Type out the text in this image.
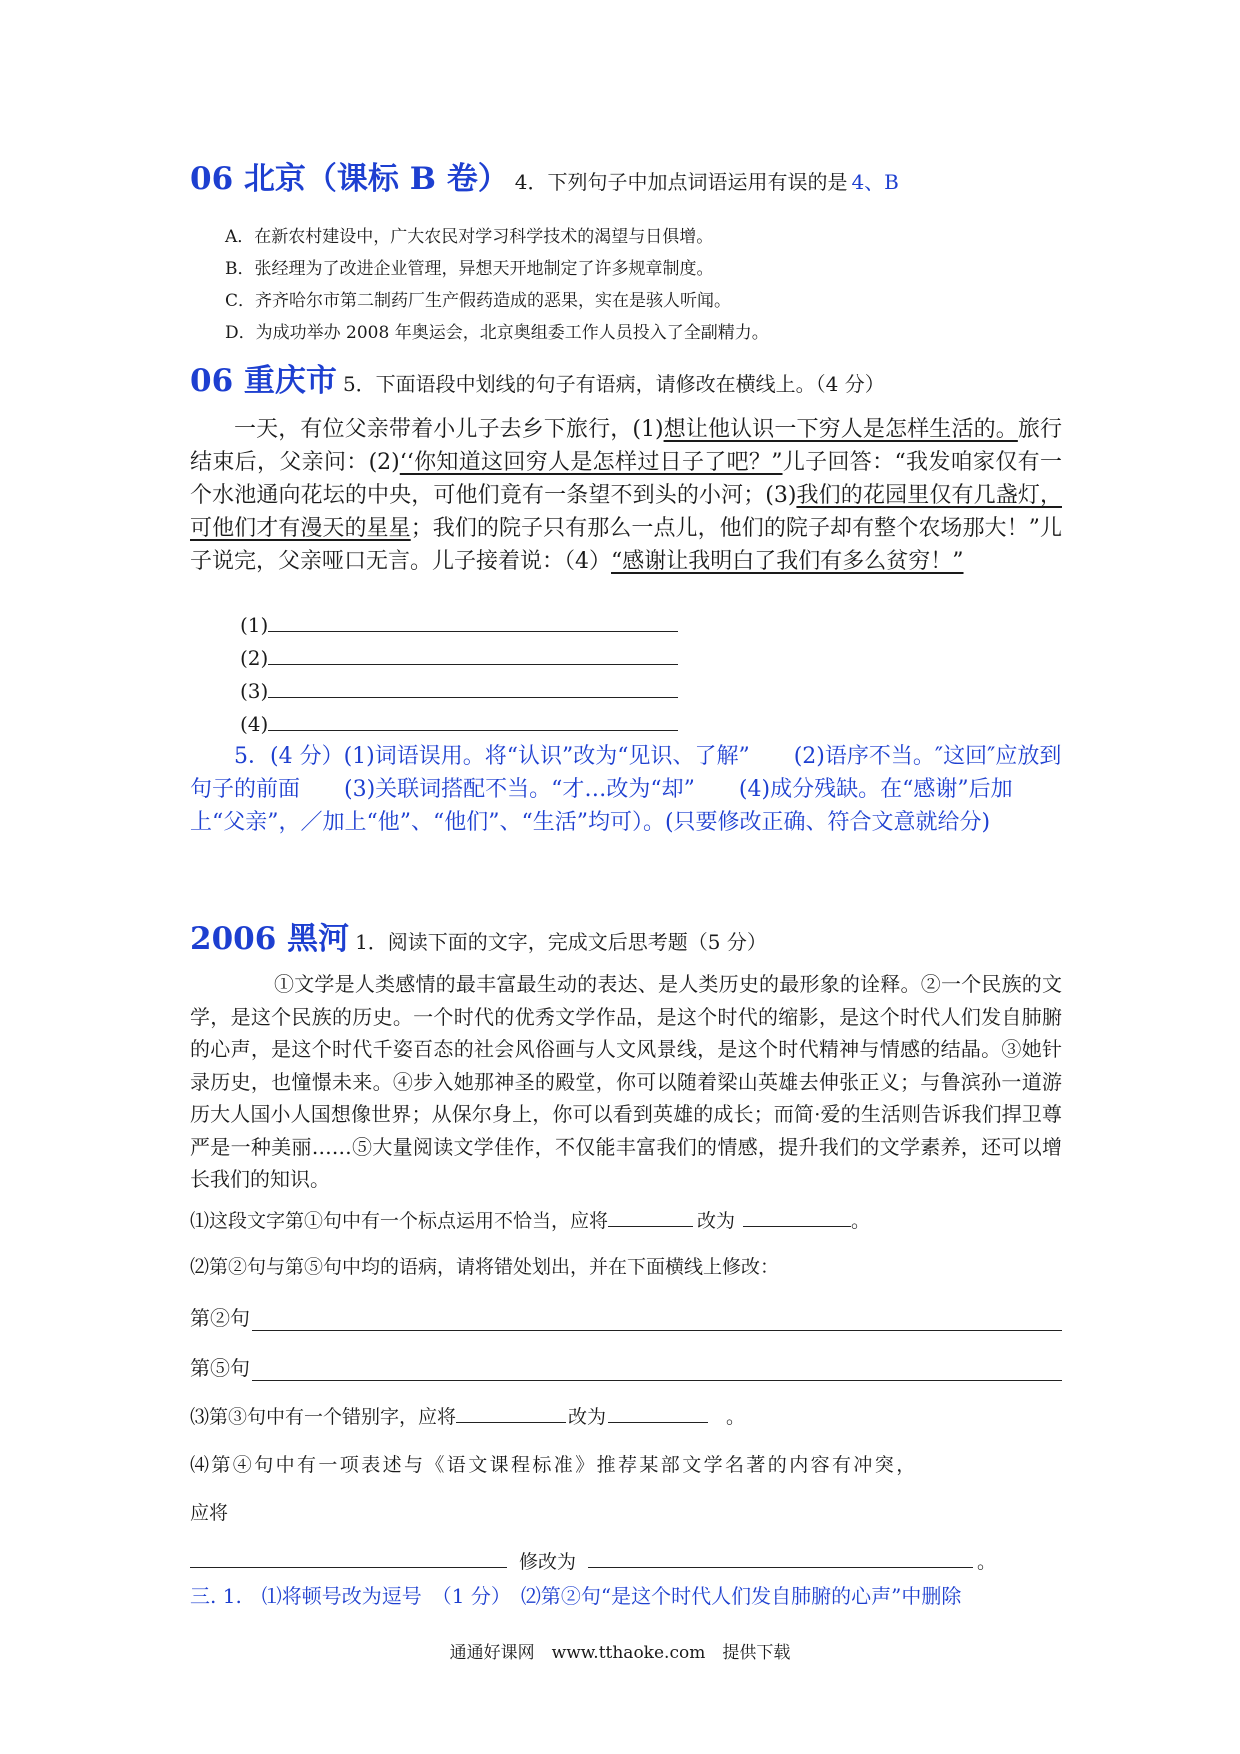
06 北京（课标 B 卷） 4．下列句子中加点词语运用有误的是 4、B
A．在新农村建设中，广大农民对学习科学技术的渴望与日俱增。
B．张经理为了改进企业管理，异想天开地制定了许多规章制度。
C．齐齐哈尔市第二制药厂生产假药造成的恶果，实在是骇人听闻。
D．为成功举办 2008 年奥运会，北京奥组委工作人员投入了全副精力。
06 重庆市 5．下面语段中划线的句子有语病，请修改在横线上。（4 分）
一天，有位父亲带着小儿子去乡下旅行，(1)想让他认识一下穷人是怎样生活的。旅行结束后，父亲问：(2)‘‘你知道这回穷人是怎样过日子了吧？”儿子回答：“我发咱家仅有一个水池通向花坛的中央，可他们竟有一条望不到头的小河；(3)我们的花园里仅有几盏灯，可他们才有漫天的星星；我们的院子只有那么一点儿，他们的院子却有整个农场那大！”儿子说完，父亲哑口无言。儿子接着说：（4）“感谢让我明白了我们有多么贫穷！”
(1)
(2)
(3)
(4)
5．(4 分）(1)词语误用。将“认识”改为“见识、了解”　　(2)语序不当。″这回″应放到句子的前面　　(3)关联词搭配不当。“才…改为“却”　　(4)成分残缺。在“感谢”后加上“父亲”，／加上“他”、“他们”、“生活”均可）。(只要修改正确、符合文意就给分)
2006 黑河 1．阅读下面的文字，完成文后思考题（5 分）
①文学是人类感情的最丰富最生动的表达、是人类历史的最形象的诠释。②一个民族的文学，是这个民族的历史。一个时代的优秀文学作品，是这个时代的缩影，是这个时代人们发自肺腑的心声，是这个时代千姿百态的社会风俗画与人文风景线，是这个时代精神与情感的结晶。③她针录历史，也憧憬未来。④步入她那神圣的殿堂，你可以随着梁山英雄去伸张正义；与鲁滨孙一道游历大人国小人国想像世界；从保尔身上，你可以看到英雄的成长；而简·爱的生活则告诉我们捍卫尊严是一种美丽……⑤大量阅读文学佳作，不仅能丰富我们的情感，提升我们的文学素养，还可以增长我们的知识。
⑴这段文字第①句中有一个标点运用不恰当，应将	改为	。
⑵第②句与第⑤句中均的语病，请将错处划出，并在下面横线上修改：
第②句
第⑤句
⑶第③句中有一个错别字，应将	改为	。
⑷第④句中有一项表述与《语文课程标准》推荐某部文学名著的内容有冲突，
应将
修改为	。
三. 1.　⑴将顿号改为逗号　（1 分）　⑵第②句“是这个时代人们发自肺腑的心声”中删除
通通好课网　www.tthaoke.com　提供下载
